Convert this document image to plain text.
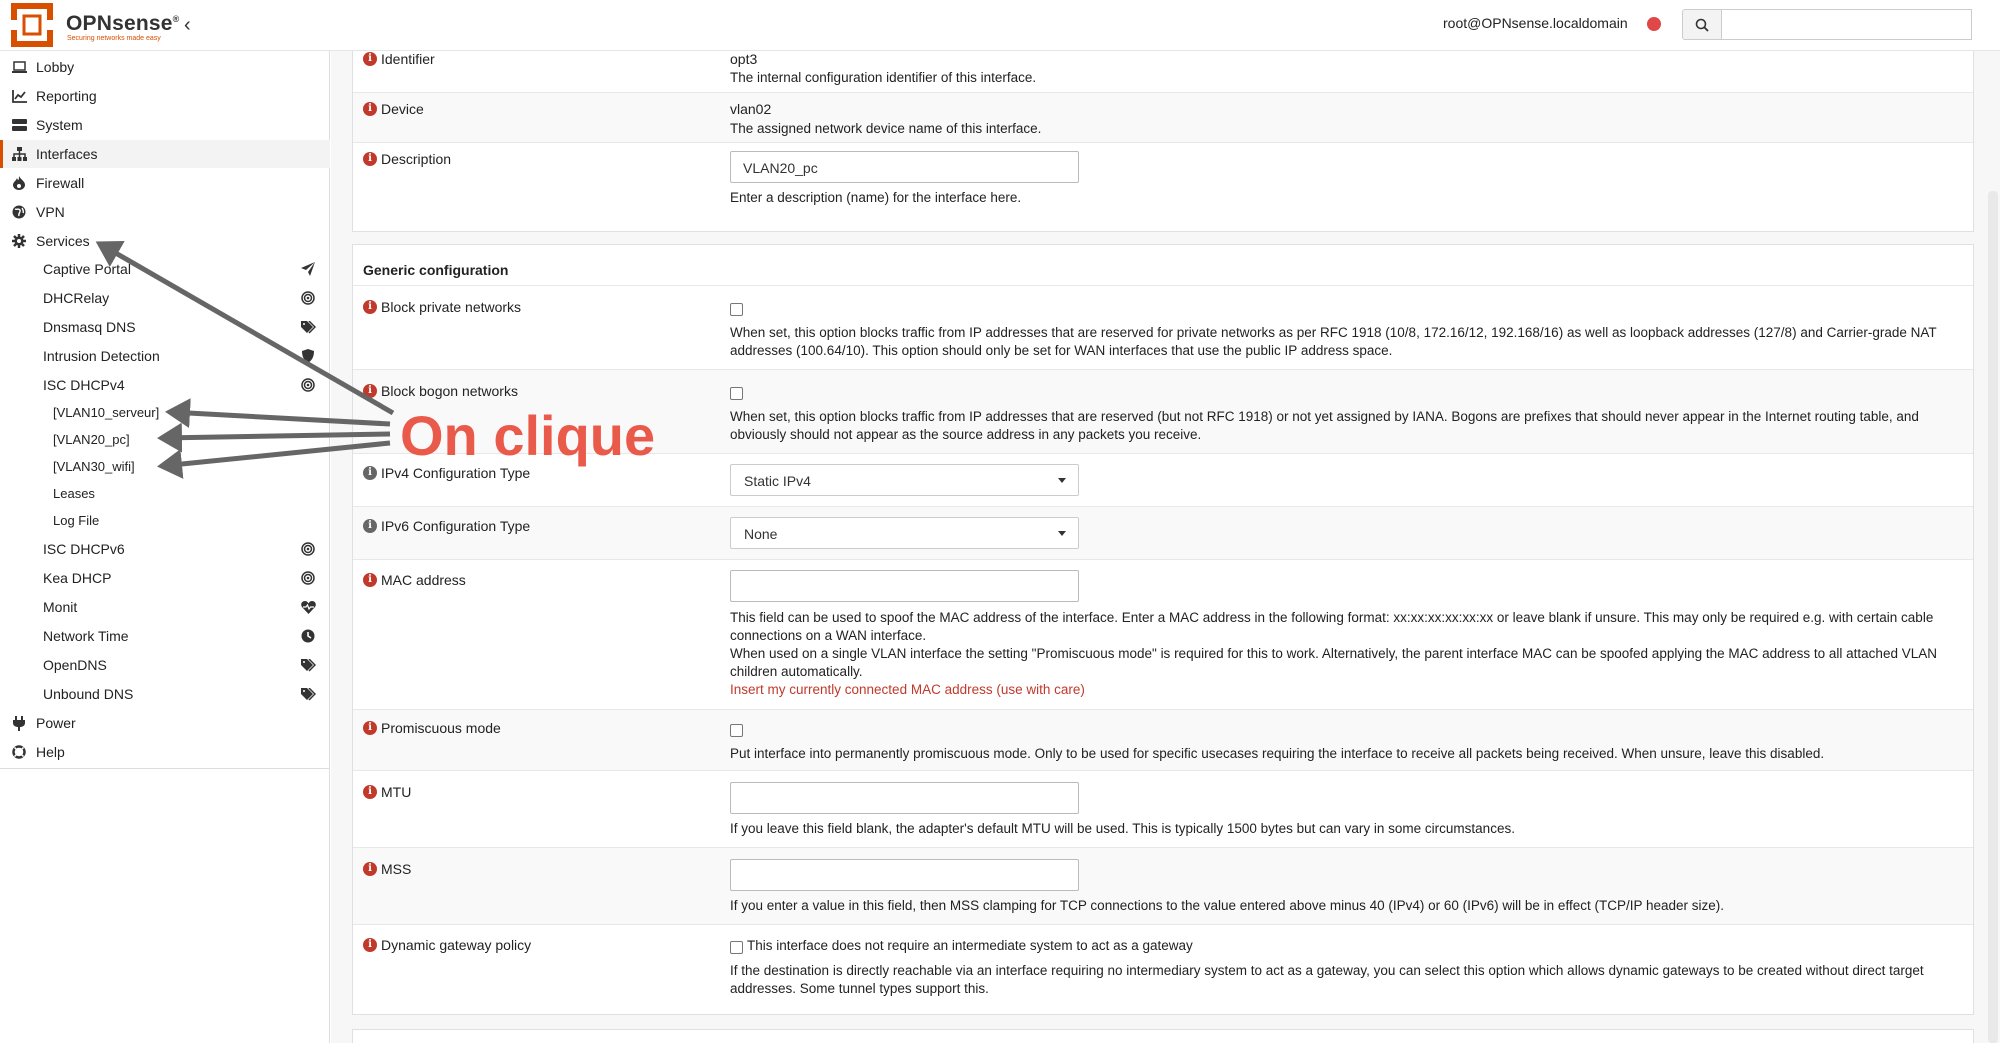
OPNsense®
Securing networks made easy
‹	root@OPNsense.localdomain
Lobby
Reporting
System
Interfaces
Firewall
VPN
Services
Captive Portal
DHCRelay
Dnsmasq DNS
Intrusion Detection
ISC DHCPv4
[VLAN10_serveur]
[VLAN20_pc]
[VLAN30_wifi]
Leases
Log File
ISC DHCPv6
Kea DHCP
Monit
Network Time
OpenDNS
Unbound DNS
Power
Help
i Identifier	opt3
The internal configuration identifier of this interface.
i Device	vlan02
The assigned network device name of this interface.
i Description
VLAN20_pc
Enter a description (name) for the interface here.
Generic configuration
i Block private networks
When set, this option blocks traffic from IP addresses that are reserved for private networks as per RFC 1918 (10/8, 172.16/12, 192.168/16) as well as loopback addresses (127/8) and Carrier-grade NAT addresses (100.64/10). This option should only be set for WAN interfaces that use the public IP address space.
i Block bogon networks
When set, this option blocks traffic from IP addresses that are reserved (but not RFC 1918) or not yet assigned by IANA. Bogons are prefixes that should never appear in the Internet routing table, and obviously should not appear as the source address in any packets you receive.
i IPv4 Configuration Type	Static IPv4
i IPv6 Configuration Type	None
i MAC address
This field can be used to spoof the MAC address of the interface. Enter a MAC address in the following format: xx:xx:xx:xx:xx:xx or leave blank if unsure. This may only be required e.g. with certain cable connections on a WAN interface.
When used on a single VLAN interface the setting "Promiscuous mode" is required for this to work. Alternatively, the parent interface MAC can be spoofed applying the MAC address to all attached VLAN children automatically.
Insert my currently connected MAC address (use with care)
i Promiscuous mode
Put interface into permanently promiscuous mode. Only to be used for specific usecases requiring the interface to receive all packets being received. When unsure, leave this disabled.
i MTU
If you leave this field blank, the adapter's default MTU will be used. This is typically 1500 bytes but can vary in some circumstances.
i MSS
If you enter a value in this field, then MSS clamping for TCP connections to the value entered above minus 40 (IPv4) or 60 (IPv6) will be in effect (TCP/IP header size).
i Dynamic gateway policy	This interface does not require an intermediate system to act as a gateway
If the destination is directly reachable via an interface requiring no intermediary system to act as a gateway, you can select this option which allows dynamic gateways to be created without direct target addresses. Some tunnel types support this.
On clique
